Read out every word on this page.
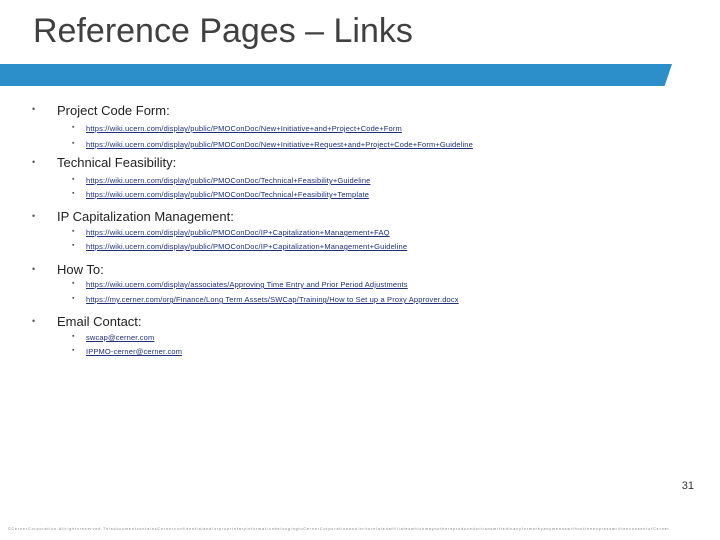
Reference Pages – Links
• Project Code Form:
▪ https://wiki.ucern.com/display/public/PMOConDoc/New+Initiative+and+Project+Code+Form
▪ https://wiki.ucern.com/display/public/PMOConDoc/New+Initiative+Request+and+Project+Code+Form+Guideline
• Technical Feasibility:
▪ https://wiki.ucern.com/display/public/PMOConDoc/Technical+Feasibility+Guideline
▪ https://wiki.ucern.com/display/public/PMOConDoc/Technical+Feasibility+Template
• IP Capitalization Management:
▪ https://wiki.ucern.com/display/public/PMOConDoc/IP+Capitalization+Management+FAQ
▪ https://wiki.ucern.com/display/public/PMOConDoc/IP+Capitalization+Management+Guideline
• How To:
▪ https://wiki.ucern.com/display/associates/Approving Time Entry and Prior Period Adjustments
▪ https://my.cerner.com/org/Finance/Long Term Assets/SWCap/Training/How to Set up a Proxy Approver.docx
• Email Contact:
▪ swcap@cerner.com
▪ IPPMO-cerner@cerner.com
31
© C e r n e r C o r p o r a t i o n . A l l r i g h t s r e s e r v e d . T h i s d o c u m e n t c o n t a i n s C e r n e r c o n f i d e n t i a l a n d / o r p r o p r i e t a r y i n f o r m a t i o n b e l o n g i n g t o C e r n e r C o r p o r a t i o n a n d / o r i t s r e l a t e d a f f i l i a t e s w h i c h m a y n o t b e r e p r o d u c e d o r t r a n s m i t t e d i n a n y f o r m o r b y a n y m e a n s w i t h o u t t h e e x p r e s s w r i t t e n c o n s e n t o f C e r n e r .
